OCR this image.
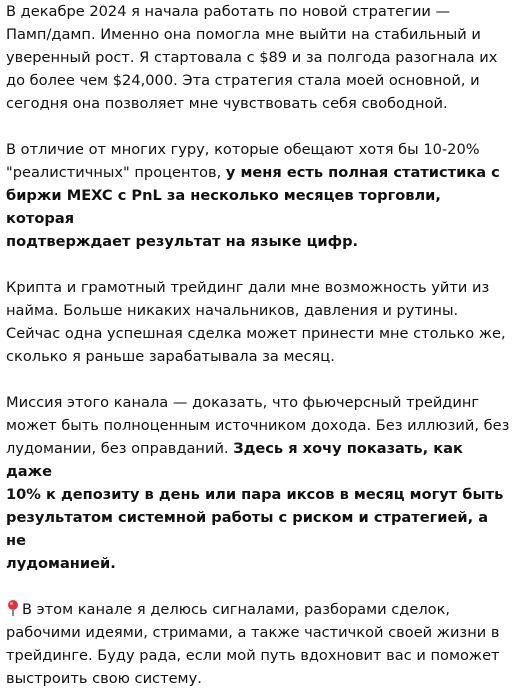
В декабре 2024 я начала работать по новой стратегии —
Памп/дамп. Именно она помогла мне выйти на стабильный и
уверенный рост. Я стартовала с $89 и за полгода разогнала их
до более чем $24,000. Эта стратегия стала моей основной, и
сегодня она позволяет мне чувствовать себя свободной.

В отличие от многих гуру, которые обещают хотя бы 10-20%
"реалистичных" процентов, у меня есть полная статистика с
биржи MEXC с PnL за несколько месяцев торговли, которая
подтверждает результат на языке цифр.

Крипта и грамотный трейдинг дали мне возможность уйти из
найма. Больше никаких начальников, давления и рутины.
Сейчас одна успешная сделка может принести мне столько же,
сколько я раньше зарабатывала за месяц.

Миссия этого канала — доказать, что фьючерсный трейдинг
может быть полноценным источником дохода. Без иллюзий, без
лудомании, без оправданий. Здесь я хочу показать, как даже
10% к депозиту в день или пара иксов в месяц могут быть
результатом системной работы с риском и стратегией, а не
лудоманией.

В этом канале я делюсь сигналами, разборами сделок,
рабочими идеями, стримами, а также частичкой своей жизни в
трейдинге. Буду рада, если мой путь вдохновит вас и поможет
выстроить свою систему.
